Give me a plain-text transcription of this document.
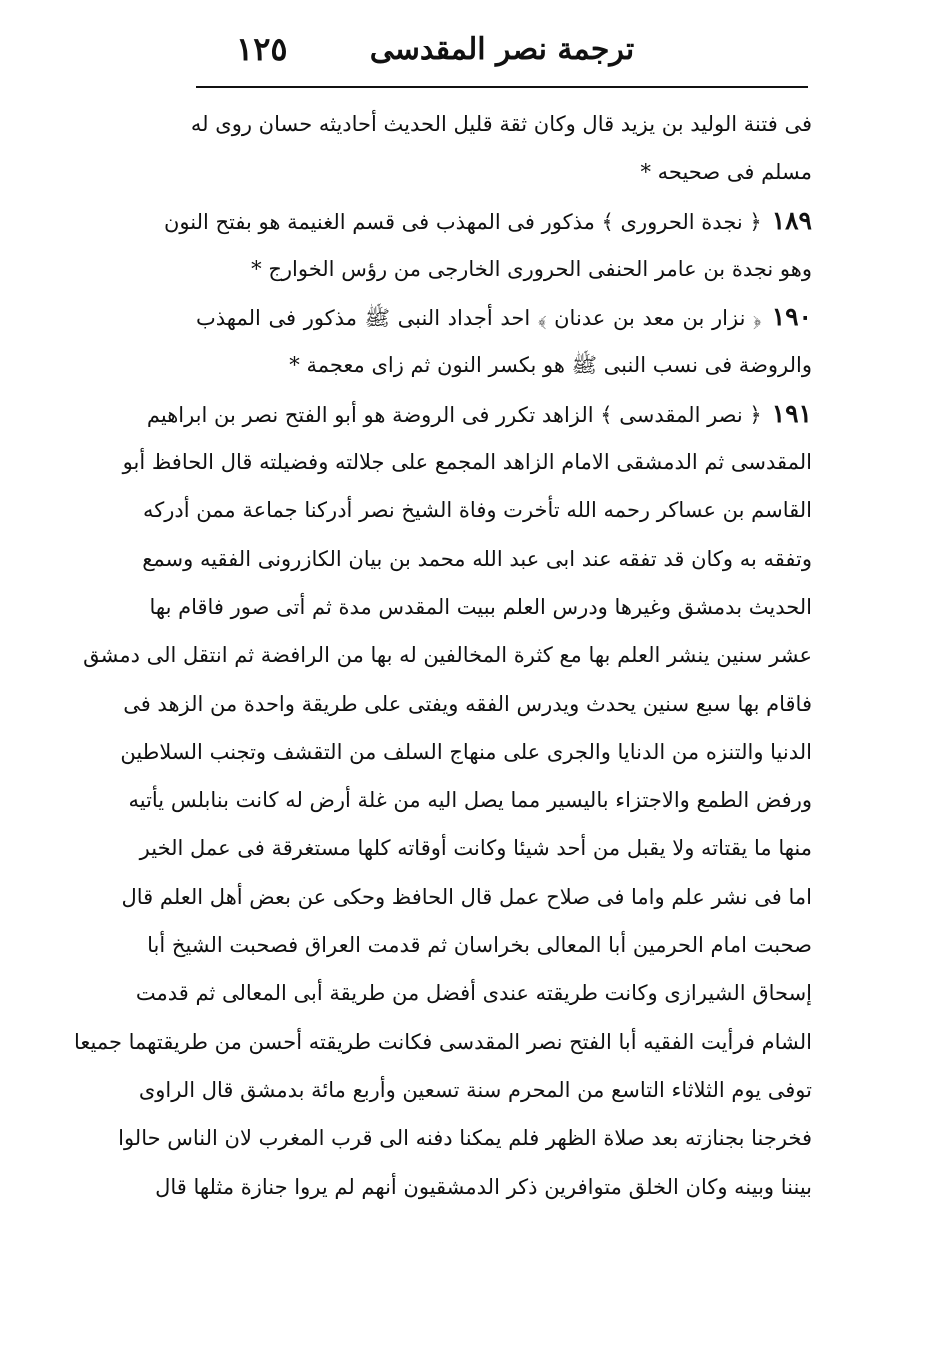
ترجمة نصر المقدسی
١٢٥
فى فتنة الوليد بن يزيد قال وكان ثقة قليل الحديث أحاديثه حسان روى له
مسلم فى صحيحه *
١٨٩﴿ نجدة الحرورى ﴾ مذكور فى المهذب فى قسم الغنيمة هو بفتح النون
وهو نجدة بن عامر الحنفى الحرورى الخارجى من رؤس الخوارج *
١٩٠﴿ نزار بن معد بن عدنان ﴾ احد أجداد النبى ﷺ مذكور فى المهذب
والروضة فى نسب النبى ﷺ هو بكسر النون ثم زاى معجمة *
١٩١﴿ نصر المقدسى ﴾ الزاهد تكرر فى الروضة هو أبو الفتح نصر بن ابراهيم
المقدسى ثم الدمشقى الامام الزاهد المجمع على جلالته وفضيلته قال الحافظ أبو
القاسم بن عساكر رحمه الله تأخرت وفاة الشيخ نصر أدركنا جماعة ممن أدركه
وتفقه به وكان قد تفقه عند ابى عبد الله محمد بن بيان الكازرونى الفقيه وسمع
الحديث بدمشق وغيرها ودرس العلم ببيت المقدس مدة ثم أتى صور فاقام بها
عشر سنين ينشر العلم بها مع كثرة المخالفين له بها من الرافضة ثم انتقل الى دمشق
فاقام بها سبع سنين يحدث ويدرس الفقه ويفتى على طريقة واحدة من الزهد فى
الدنيا والتنزه من الدنايا والجرى على منهاج السلف من التقشف وتجنب السلاطين
ورفض الطمع والاجتزاء باليسير مما يصل اليه من غلة أرض له كانت بنابلس يأتيه
منها ما يقتاته ولا يقبل من أحد شيئا وكانت أوقاته كلها مستغرقة فى عمل الخير
اما فى نشر علم واما فى صلاح عمل قال الحافظ وحكى عن بعض أهل العلم قال
صحبت امام الحرمين أبا المعالى بخراسان ثم قدمت العراق فصحبت الشيخ أبا
إسحاق الشيرازى وكانت طريقته عندى أفضل من طريقة أبى المعالى ثم قدمت
الشام فرأيت الفقيه أبا الفتح نصر المقدسى فكانت طريقته أحسن من طريقتهما جميعا
توفى يوم الثلاثاء التاسع من المحرم سنة تسعين وأربع مائة بدمشق قال الراوى
فخرجنا بجنازته بعد صلاة الظهر فلم يمكنا دفنه الى قرب المغرب لان الناس حالوا
بيننا وبينه وكان الخلق متوافرين ذكر الدمشقيون أنهم لم يروا جنازة مثلها قال
